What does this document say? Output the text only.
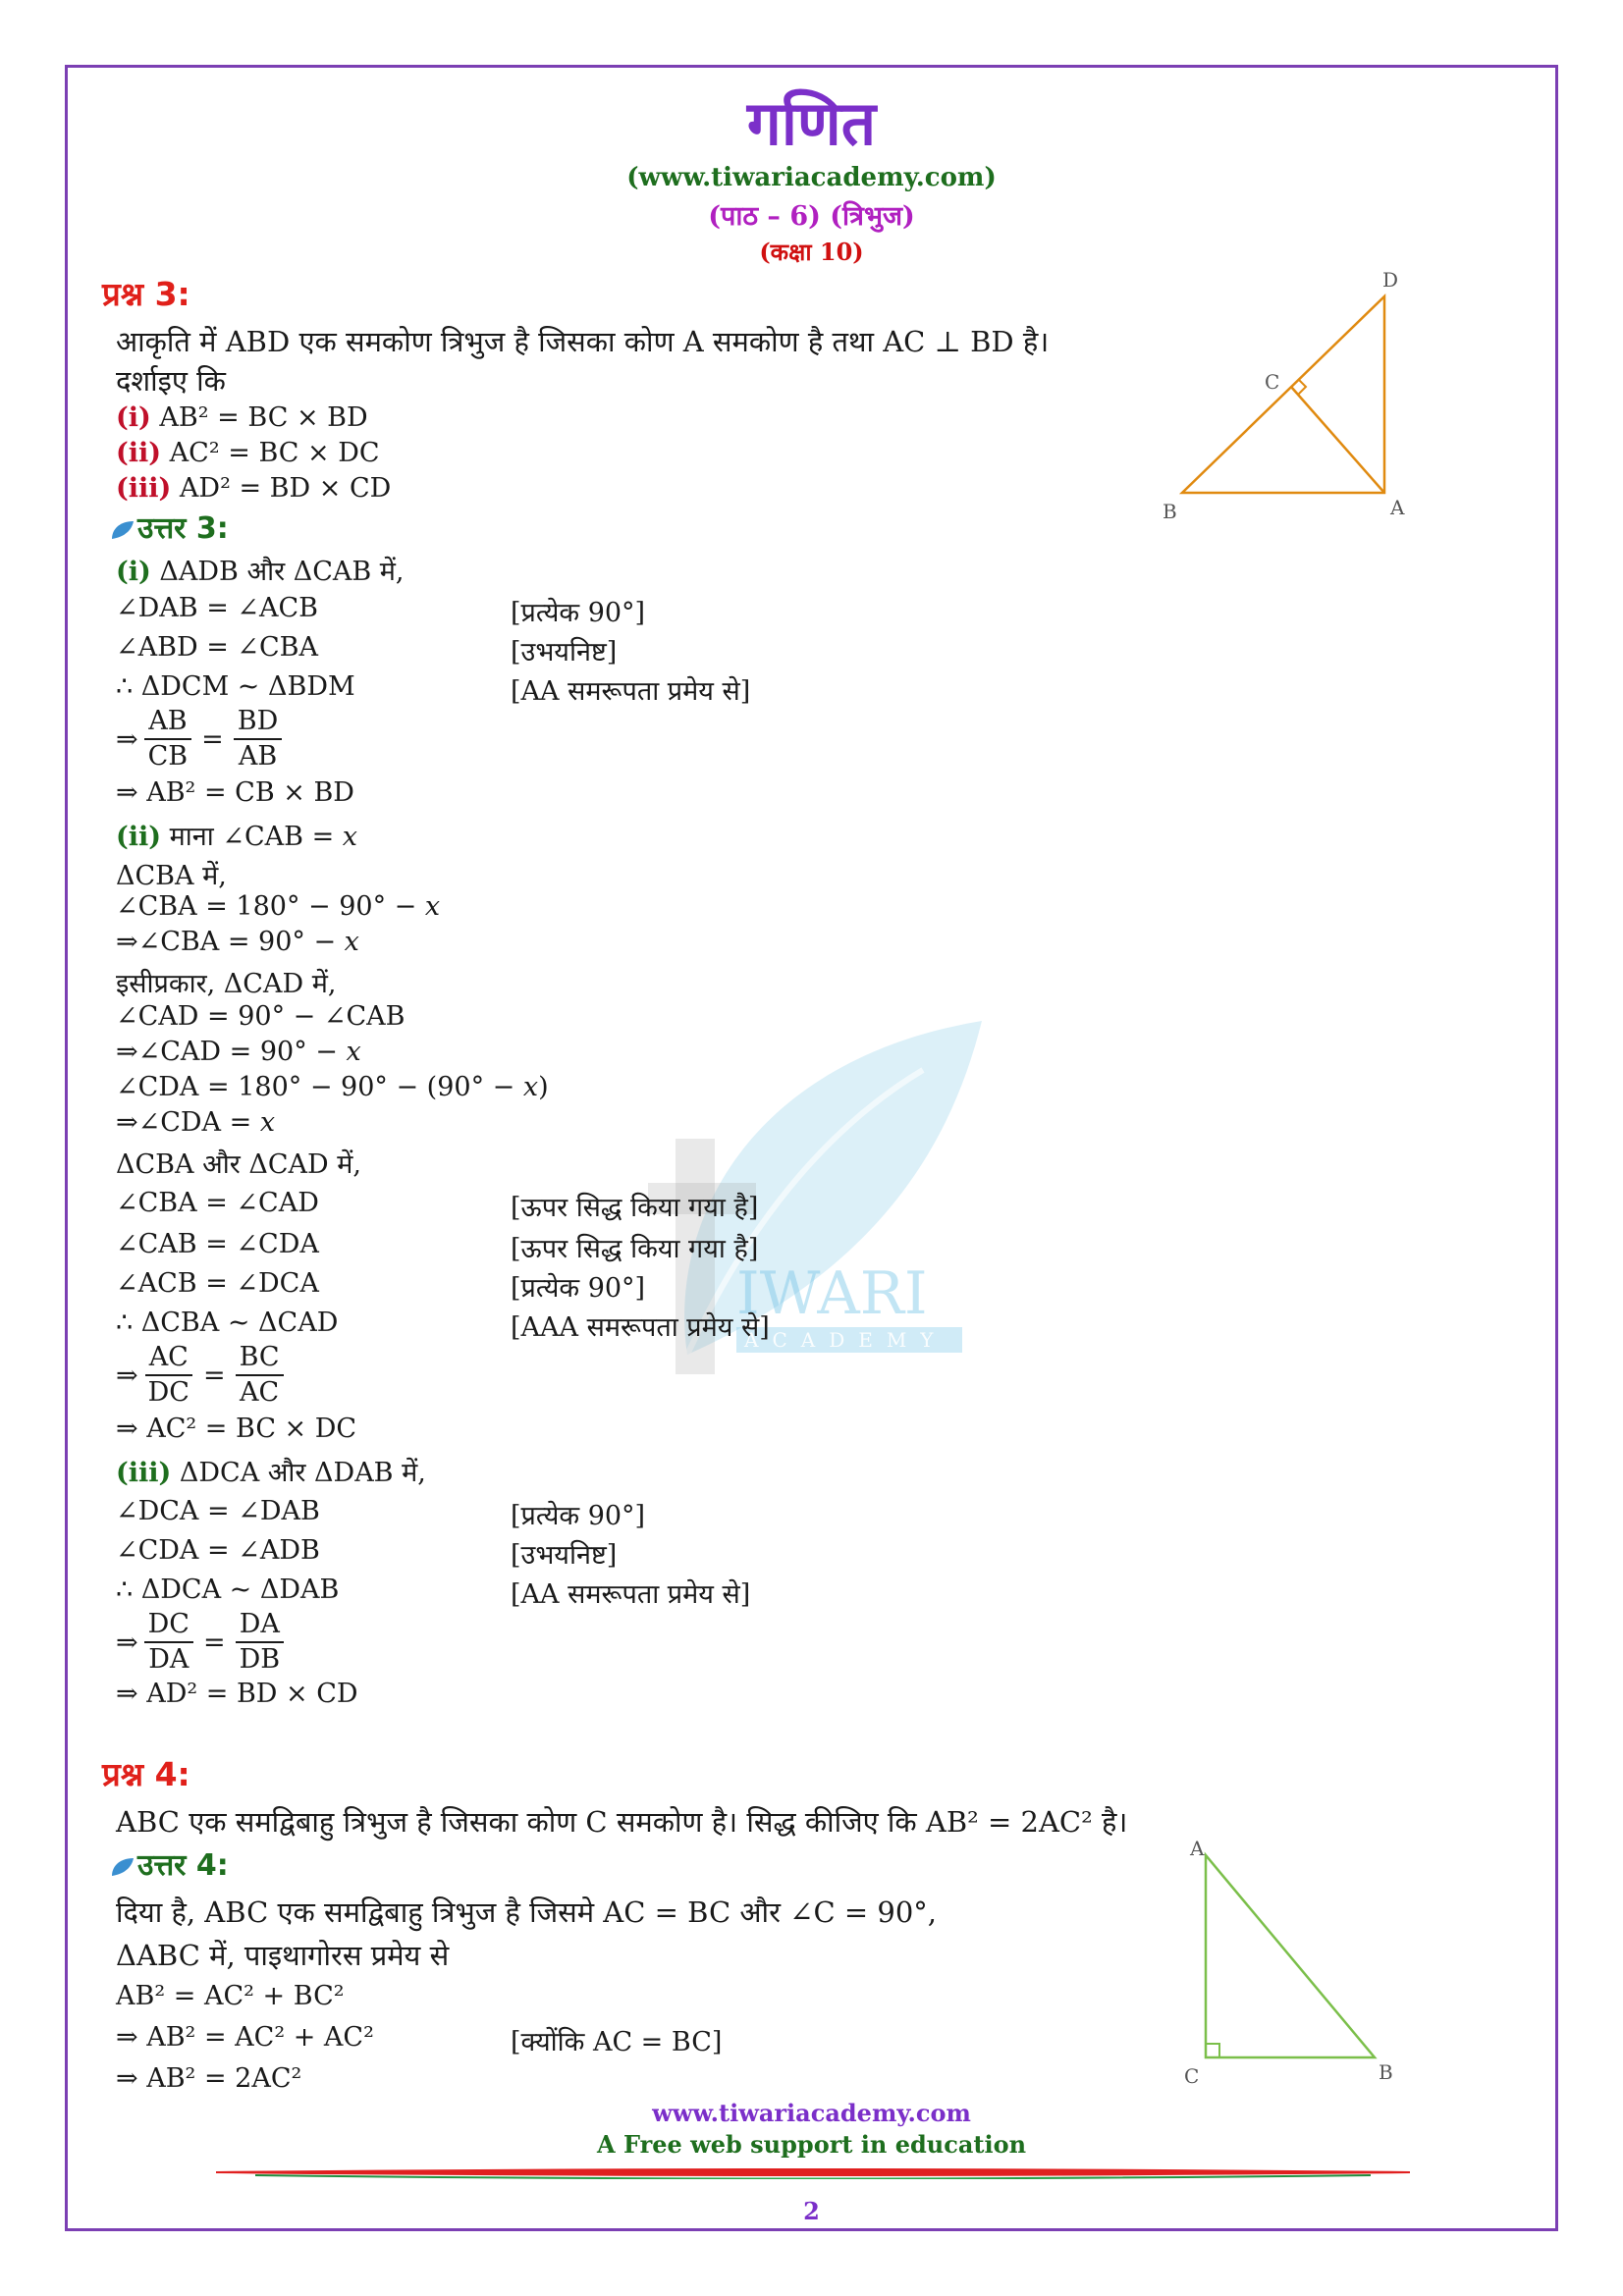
IWARI
ACADEMY
गणित
(www.tiwariacademy.com)
(पाठ – 6) (त्रिभुज)
(कक्षा 10)
प्रश्न 3:
आकृति में ABD एक समकोण त्रिभुज है जिसका कोण A समकोण है तथा AC ⊥ BD है।
दर्शाइए कि
(i) AB² = BC × BD
(ii) AC² = BC × DC
(iii) AD² = BD × CD
D
C
B	A
उत्तर 3:
(i) ΔADB और ΔCAB में,
∠DAB = ∠ACB	[प्रत्येक 90°]
∠ABD = ∠CBA	[उभयनिष्ट]
∴ ΔDCM ~ ΔBDM	[AA समरूपता प्रमेय से]
⇒ $\frac{AB}{CB} = \frac{BD}{AB}$
⇒ AB² = CB × BD
(ii) माना ∠CAB = 𝑥
ΔCBA में,
∠CBA = 180° − 90° − 𝑥
⇒∠CBA = 90° − 𝑥
इसीप्रकार, ΔCAD में,
∠CAD = 90° − ∠CAB
⇒∠CAD = 90° − 𝑥
∠CDA = 180° − 90° − (90° − 𝑥)
⇒∠CDA = 𝑥
ΔCBA और ΔCAD में,
∠CBA = ∠CAD	[ऊपर सिद्ध किया गया है]
∠CAB = ∠CDA	[ऊपर सिद्ध किया गया है]
∠ACB = ∠DCA	[प्रत्येक 90°]
∴ ΔCBA ~ ΔCAD	[AAA समरूपता प्रमेय से]
⇒ $\frac{AC}{DC} = \frac{BC}{AC}$
⇒ AC² = BC × DC
(iii) ΔDCA और ΔDAB में,
∠DCA = ∠DAB	[प्रत्येक 90°]
∠CDA = ∠ADB	[उभयनिष्ट]
∴ ΔDCA ~ ΔDAB	[AA समरूपता प्रमेय से]
⇒ $\frac{DC}{DA} = \frac{DA}{DB}$
⇒ AD² = BD × CD
प्रश्न 4:
ABC एक समद्विबाहु त्रिभुज है जिसका कोण C समकोण है। सिद्ध कीजिए कि AB² = 2AC² है।
उत्तर 4:
दिया है, ABC एक समद्विबाहु त्रिभुज है जिसमे AC = BC और ∠C = 90°,
ΔABC में, पाइथागोरस प्रमेय से
AB² = AC² + BC²
⇒ AB² = AC² + AC²	[क्योंकि AC = BC]
⇒ AB² = 2AC²
A
C	B
www.tiwariacademy.com
A Free web support in education
2
